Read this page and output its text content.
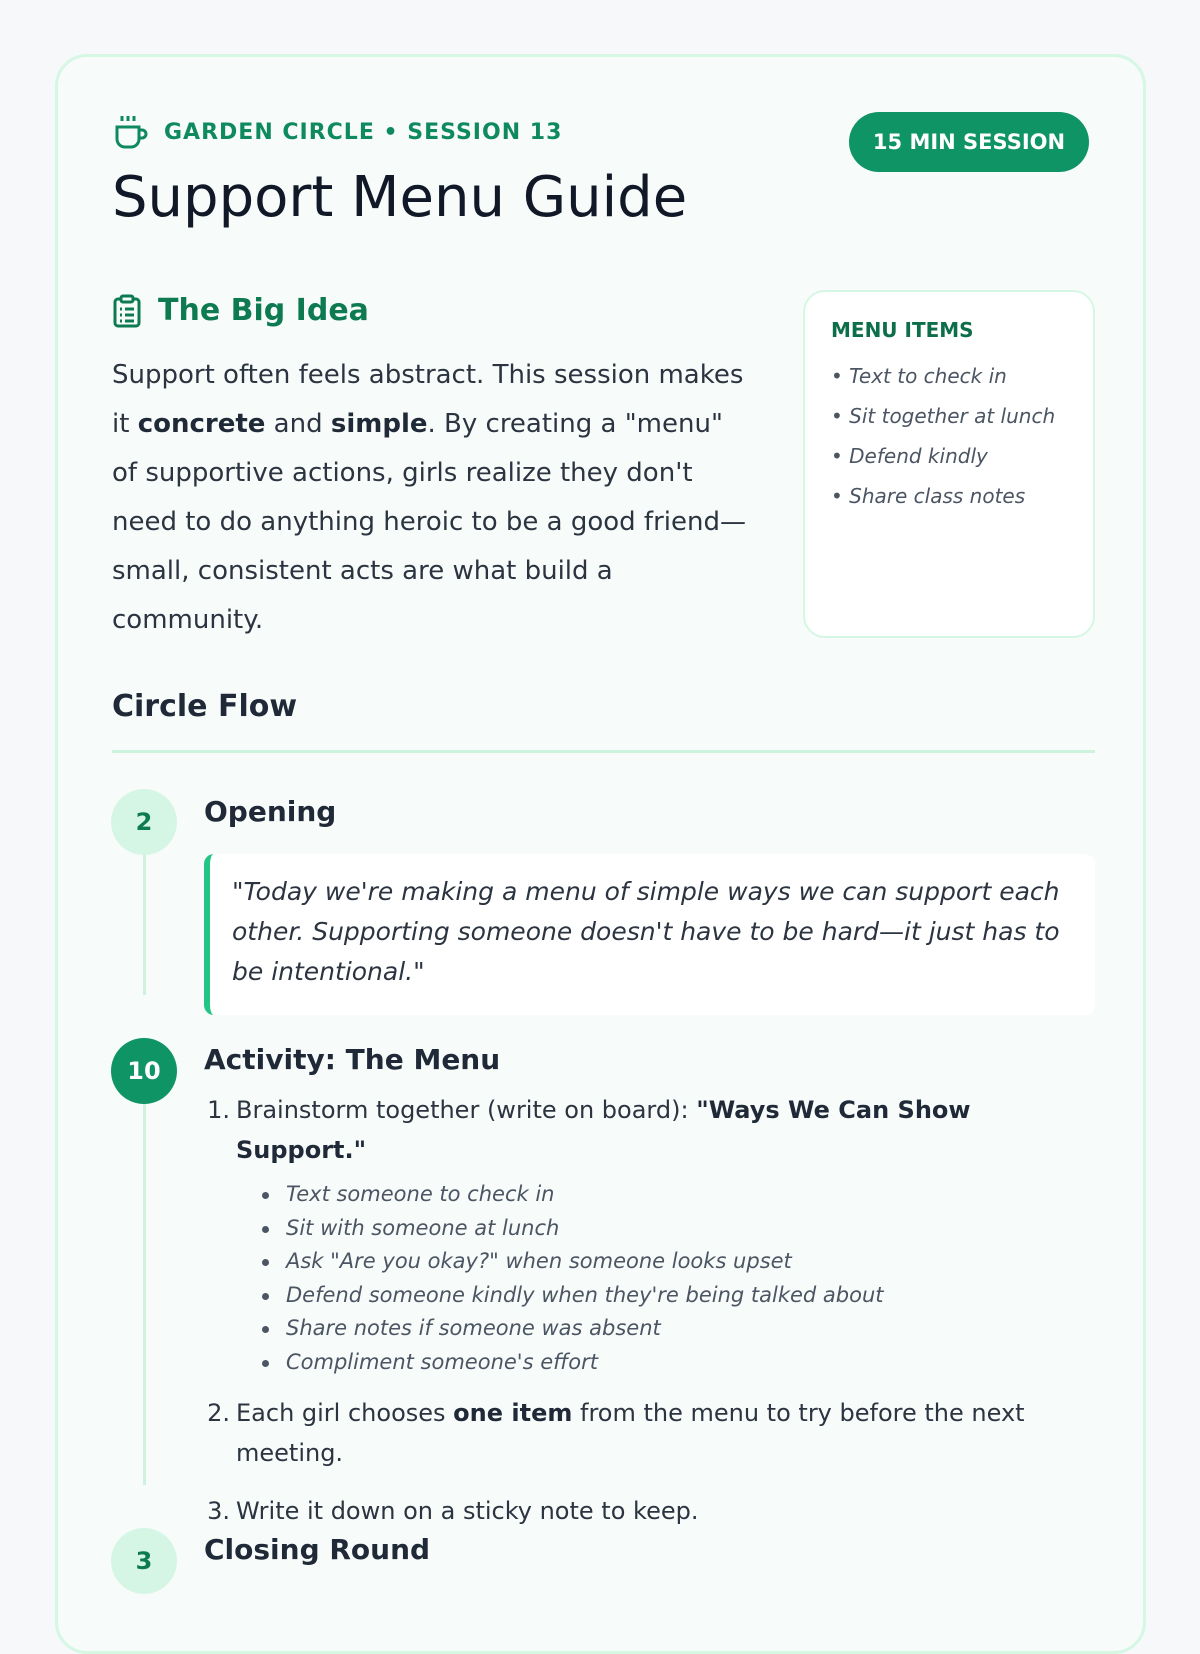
GARDEN CIRCLE • SESSION 13	15 MIN SESSION
Support Menu Guide
The Big Idea

Support often feels abstract. This session makes it concrete and simple. By creating a "menu" of supportive actions, girls realize they don't need to do anything heroic to be a good friend—small, consistent acts are what build a community.

MENU ITEMS
• Text to check in
• Sit together at lunch
• Defend kindly
• Share class notes
Circle Flow
2	Opening
"Today we're making a menu of simple ways we can support each other. Supporting someone doesn't have to be hard—it just has to be intentional."
10	Activity: The Menu
1. Brainstorm together (write on board): "Ways We Can Show Support."
Text someone to check in
Sit with someone at lunch
Ask "Are you okay?" when someone looks upset
Defend someone kindly when they're being talked about
Share notes if someone was absent
Compliment someone's effort
2. Each girl chooses one item from the menu to try before the next meeting.
3. Write it down on a sticky note to keep.
3	Closing Round
